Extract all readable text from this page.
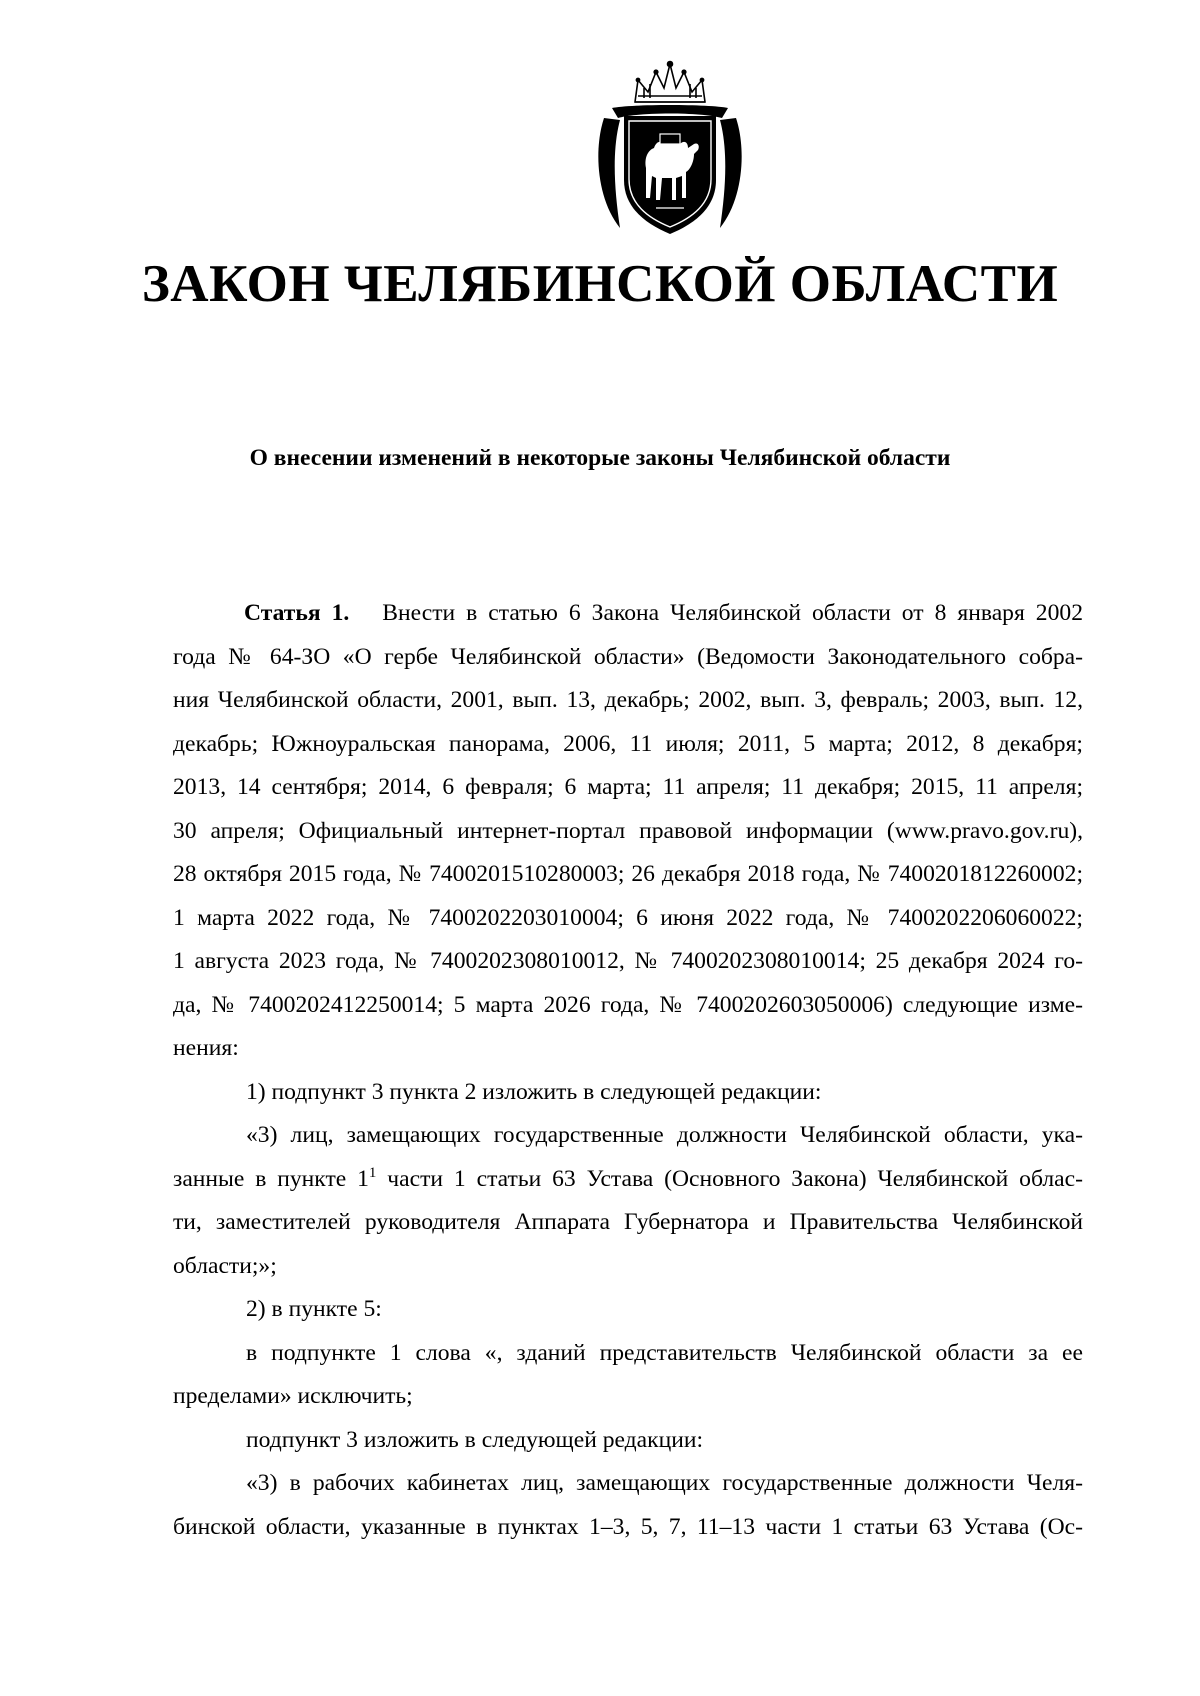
ЗАКОН ЧЕЛЯБИНСКОЙ ОБЛАСТИ
О внесении изменений в некоторые законы Челябинской области
Статья 1. Внести в статью 6 Закона Челябинской области от 8 января 2002
года № 64-ЗО «О гербе Челябинской области» (Ведомости Законодательного собра-
ния Челябинской области, 2001, вып. 13, декабрь; 2002, вып. 3, февраль; 2003, вып. 12,
декабрь; Южноуральская панорама, 2006, 11 июля; 2011, 5 марта; 2012, 8 декабря;
2013, 14 сентября; 2014, 6 февраля; 6 марта; 11 апреля; 11 декабря; 2015, 11 апреля;
30 апреля; Официальный интернет-портал правовой информации (www.pravo.gov.ru),
28 октября 2015 года, № 7400201510280003; 26 декабря 2018 года, № 7400201812260002;
1 марта 2022 года, № 7400202203010004; 6 июня 2022 года, № 7400202206060022;
1 августа 2023 года, № 7400202308010012, № 7400202308010014; 25 декабря 2024 го-
да, № 7400202412250014; 5 марта 2026 года, № 7400202603050006) следующие изме-
нения:
1) подпункт 3 пункта 2 изложить в следующей редакции:
«3) лиц, замещающих государственные должности Челябинской области, ука-
занные в пункте $1^1$ части 1 статьи 63 Устава (Основного Закона) Челябинской облас-
ти, заместителей руководителя Аппарата Губернатора и Правительства Челябинской
области;»;
2) в пункте 5:
в подпункте 1 слова «, зданий представительств Челябинской области за ее
пределами» исключить;
подпункт 3 изложить в следующей редакции:
«3) в рабочих кабинетах лиц, замещающих государственные должности Челя-
бинской области, указанные в пунктах 1–3, 5, 7, 11–13 части 1 статьи 63 Устава (Ос-
